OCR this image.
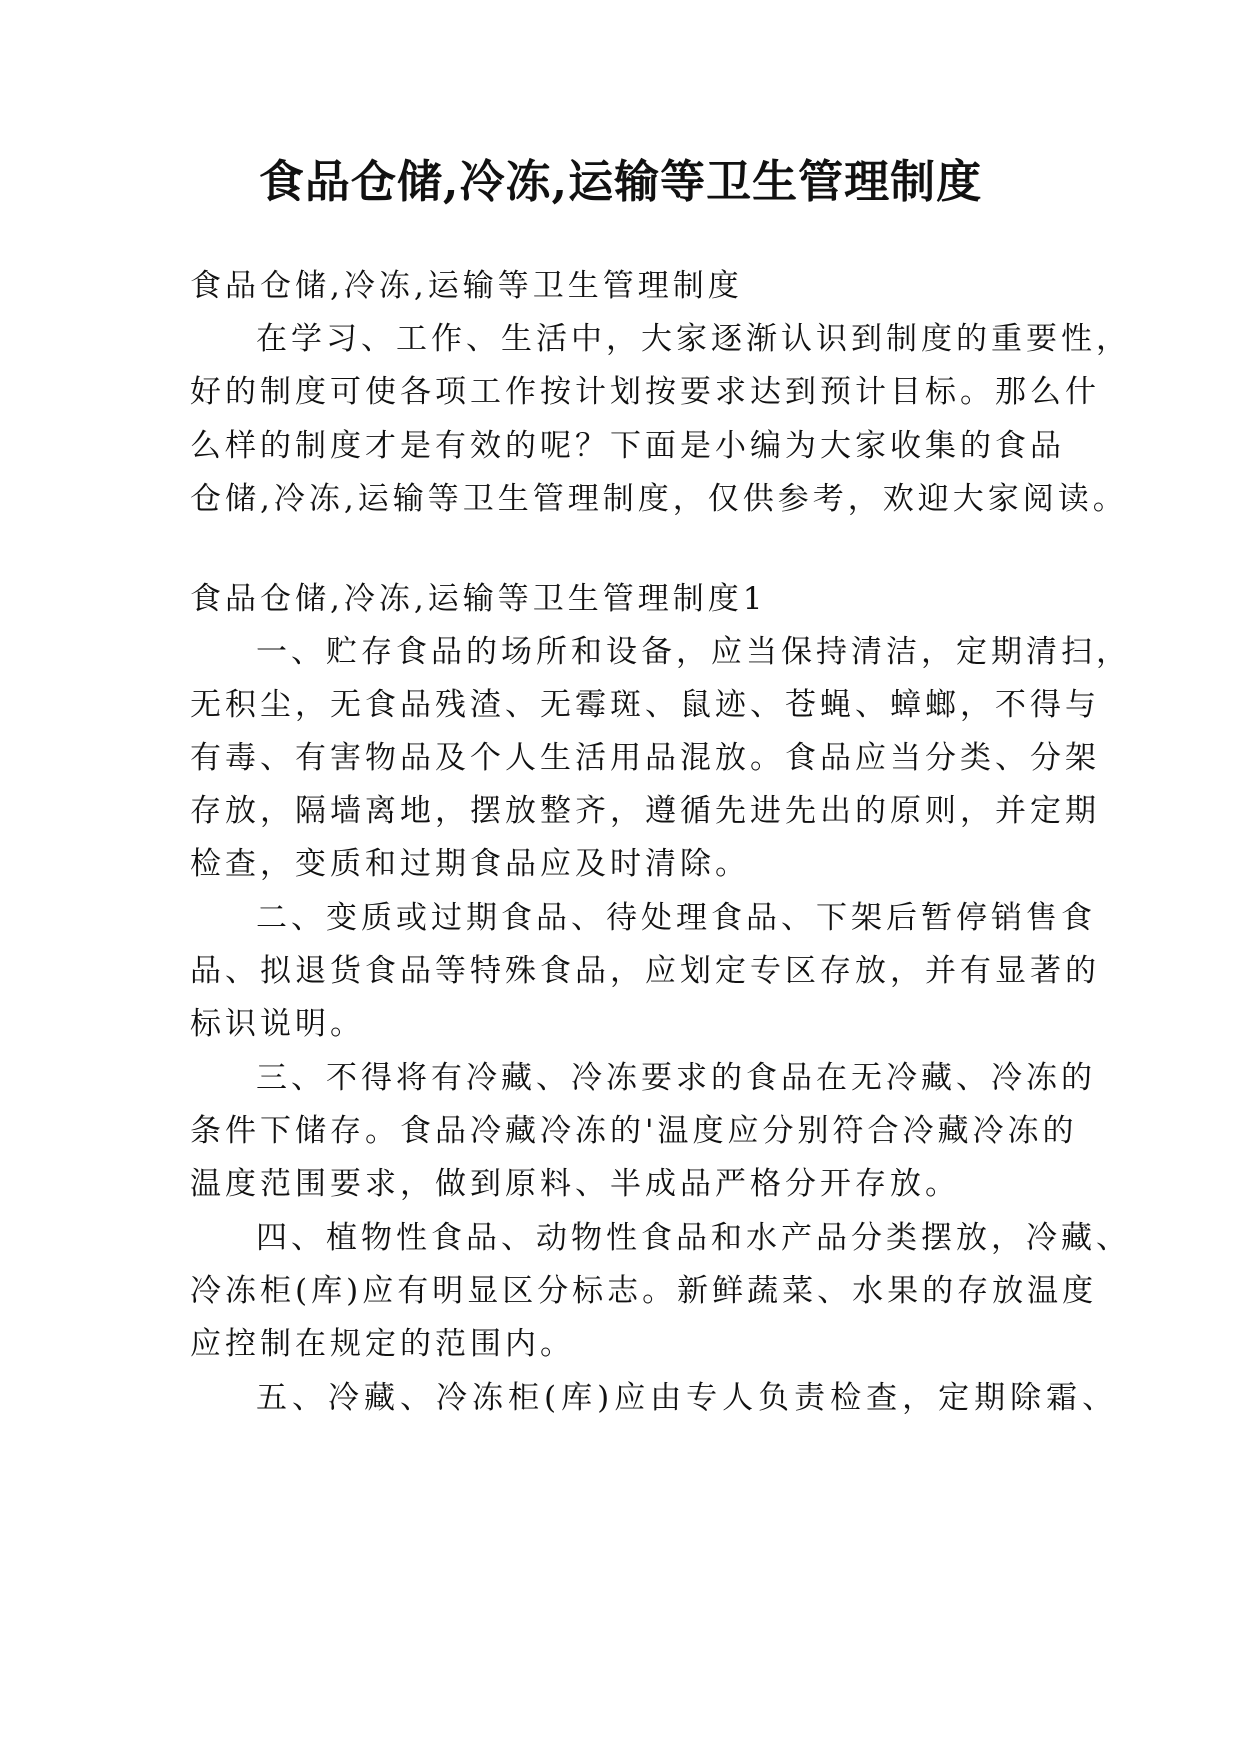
食品仓储,冷冻,运输等卫生管理制度
食品仓储,冷冻,运输等卫生管理制度
在学习、工作、生活中，大家逐渐认识到制度的重要性，
好的制度可使各项工作按计划按要求达到预计目标。那么什
么样的制度才是有效的呢？下面是小编为大家收集的食品
仓储,冷冻,运输等卫生管理制度，仅供参考，欢迎大家阅读。
食品仓储,冷冻,运输等卫生管理制度1
一、贮存食品的场所和设备，应当保持清洁，定期清扫，
无积尘，无食品残渣、无霉斑、鼠迹、苍蝇、蟑螂，不得与
有毒、有害物品及个人生活用品混放。食品应当分类、分架
存放，隔墙离地，摆放整齐，遵循先进先出的原则，并定期
检查，变质和过期食品应及时清除。
二、变质或过期食品、待处理食品、下架后暂停销售食
品、拟退货食品等特殊食品，应划定专区存放，并有显著的
标识说明。
三、不得将有冷藏、冷冻要求的食品在无冷藏、冷冻的
条件下储存。食品冷藏冷冻的'温度应分别符合冷藏冷冻的
温度范围要求，做到原料、半成品严格分开存放。
四、植物性食品、动物性食品和水产品分类摆放，冷藏、
冷冻柜(库)应有明显区分标志。新鲜蔬菜、水果的存放温度
应控制在规定的范围内。
五、冷藏、冷冻柜(库)应由专人负责检查，定期除霜、
